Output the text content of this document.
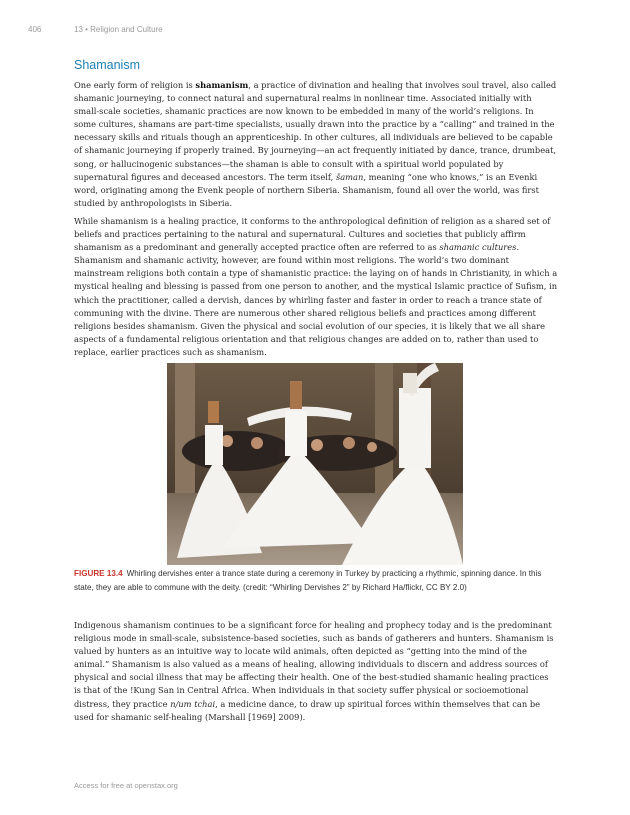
406	13 • Religion and Culture
Shamanism

One early form of religion is shamanism, a practice of divination and healing that involves soul travel, also called shamanic journeying, to connect natural and supernatural realms in nonlinear time. Associated initially with small-scale societies, shamanic practices are now known to be embedded in many of the world’s religions. In some cultures, shamans are part-time specialists, usually drawn into the practice by a “calling” and trained in the necessary skills and rituals though an apprenticeship. In other cultures, all individuals are believed to be capable of shamanic journeying if properly trained. By journeying—an act frequently initiated by dance, trance, drumbeat, song, or hallucinogenic substances—the shaman is able to consult with a spiritual world populated by supernatural figures and deceased ancestors. The term itself, šaman, meaning “one who knows,” is an Evenki word, originating among the Evenk people of northern Siberia. Shamanism, found all over the world, was first studied by anthropologists in Siberia.

While shamanism is a healing practice, it conforms to the anthropological definition of religion as a shared set of beliefs and practices pertaining to the natural and supernatural. Cultures and societies that publicly affirm shamanism as a predominant and generally accepted practice often are referred to as shamanic cultures. Shamanism and shamanic activity, however, are found within most religions. The world’s two dominant mainstream religions both contain a type of shamanistic practice: the laying on of hands in Christianity, in which a mystical healing and blessing is passed from one person to another, and the mystical Islamic practice of Sufism, in which the practitioner, called a dervish, dances by whirling faster and faster in order to reach a trance state of communing with the divine. There are numerous other shared religious beliefs and practices among different religions besides shamanism. Given the physical and social evolution of our species, it is likely that we all share aspects of a fundamental religious orientation and that religious changes are added on to, rather than used to replace, earlier practices such as shamanism.

FIGURE 13.4 Whirling dervishes enter a trance state during a ceremony in Turkey by practicing a rhythmic, spinning dance. In this state, they are able to commune with the deity. (credit: “Whirling Dervishes 2” by Richard Ha/flickr, CC BY 2.0)

Indigenous shamanism continues to be a significant force for healing and prophecy today and is the predominant religious mode in small-scale, subsistence-based societies, such as bands of gatherers and hunters. Shamanism is valued by hunters as an intuitive way to locate wild animals, often depicted as “getting into the mind of the animal.” Shamanism is also valued as a means of healing, allowing individuals to discern and address sources of physical and social illness that may be affecting their health. One of the best-studied shamanic healing practices is that of the !Kung San in Central Africa. When individuals in that society suffer physical or socioemotional distress, they practice n/um tchai, a medicine dance, to draw up spiritual forces within themselves that can be used for shamanic self-healing (Marshall [1969] 2009).

Access for free at openstax.org
